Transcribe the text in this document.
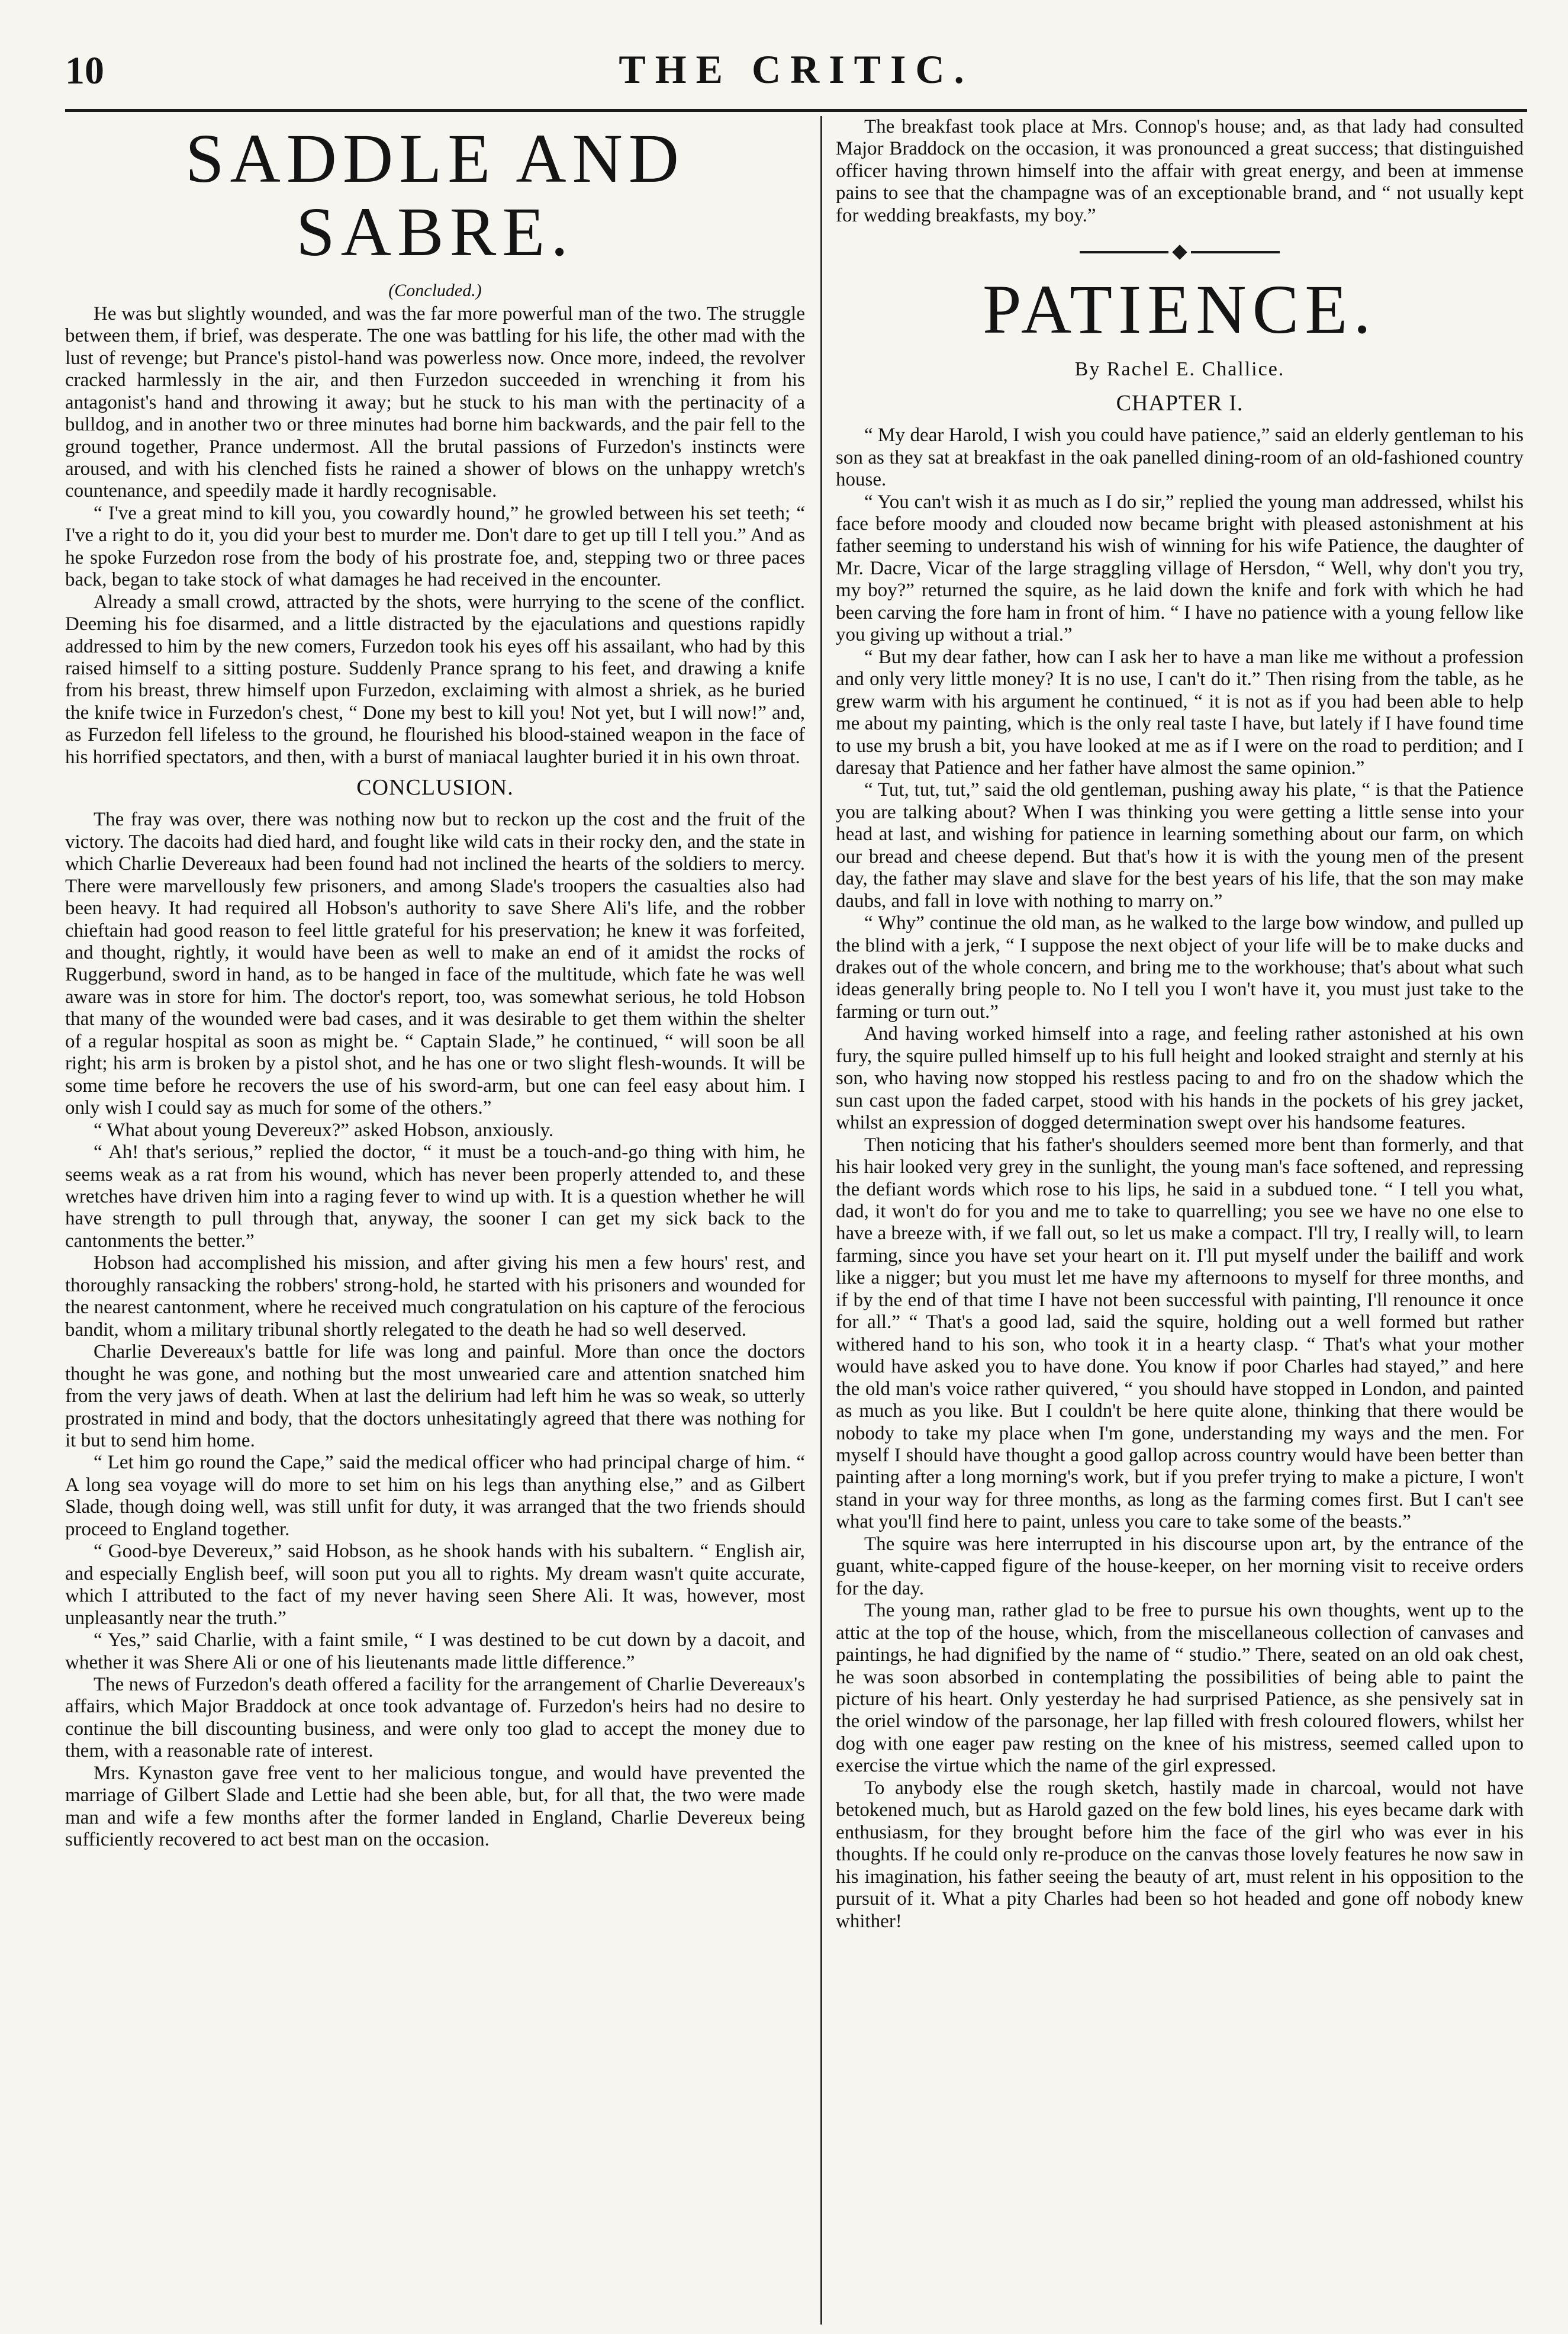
10	THE CRITIC.
SADDLE AND SABRE.
(Concluded.)

He was but slightly wounded, and was the far more powerful man of the two. The struggle between them, if brief, was desperate. The one was battling for his life, the other mad with the lust of revenge; but Prance's pistol-hand was powerless now. Once more, indeed, the revolver cracked harmlessly in the air, and then Furzedon succeeded in wrenching it from his antagonist's hand and throwing it away; but he stuck to his man with the pertinacity of a bulldog, and in another two or three minutes had borne him backwards, and the pair fell to the ground together, Prance undermost. All the brutal passions of Furzedon's instincts were aroused, and with his clenched fists he rained a shower of blows on the unhappy wretch's countenance, and speedily made it hardly recognisable.

“ I've a great mind to kill you, you cowardly hound,” he growled between his set teeth; “ I've a right to do it, you did your best to murder me. Don't dare to get up till I tell you.” And as he spoke Furzedon rose from the body of his prostrate foe, and, stepping two or three paces back, began to take stock of what damages he had received in the encounter.

Already a small crowd, attracted by the shots, were hurrying to the scene of the conflict. Deeming his foe disarmed, and a little distracted by the ejaculations and questions rapidly addressed to him by the new comers, Furzedon took his eyes off his assailant, who had by this raised himself to a sitting posture. Suddenly Prance sprang to his feet, and drawing a knife from his breast, threw himself upon Furzedon, exclaiming with almost a shriek, as he buried the knife twice in Furzedon's chest, “ Done my best to kill you! Not yet, but I will now!” and, as Furzedon fell lifeless to the ground, he flourished his blood-stained weapon in the face of his horrified spectators, and then, with a burst of maniacal laughter buried it in his own throat.

CONCLUSION.

The fray was over, there was nothing now but to reckon up the cost and the fruit of the victory. The dacoits had died hard, and fought like wild cats in their rocky den, and the state in which Charlie Devereaux had been found had not inclined the hearts of the soldiers to mercy. There were marvellously few prisoners, and among Slade's troopers the casualties also had been heavy. It had required all Hobson's authority to save Shere Ali's life, and the robber chieftain had good reason to feel little grateful for his preservation; he knew it was forfeited, and thought, rightly, it would have been as well to make an end of it amidst the rocks of Ruggerbund, sword in hand, as to be hanged in face of the multitude, which fate he was well aware was in store for him. The doctor's report, too, was somewhat serious, he told Hobson that many of the wounded were bad cases, and it was desirable to get them within the shelter of a regular hospital as soon as might be. “ Captain Slade,” he continued, “ will soon be all right; his arm is broken by a pistol shot, and he has one or two slight flesh-wounds. It will be some time before he recovers the use of his sword-arm, but one can feel easy about him. I only wish I could say as much for some of the others.”

“ What about young Devereux?” asked Hobson, anxiously.

“ Ah! that's serious,” replied the doctor, “ it must be a touch-and-go thing with him, he seems weak as a rat from his wound, which has never been properly attended to, and these wretches have driven him into a raging fever to wind up with. It is a question whether he will have strength to pull through that, anyway, the sooner I can get my sick back to the cantonments the better.”

Hobson had accomplished his mission, and after giving his men a few hours' rest, and thoroughly ransacking the robbers' strong-hold, he started with his prisoners and wounded for the nearest cantonment, where he received much congratulation on his capture of the ferocious bandit, whom a military tribunal shortly relegated to the death he had so well deserved.

Charlie Devereaux's battle for life was long and painful. More than once the doctors thought he was gone, and nothing but the most unwearied care and attention snatched him from the very jaws of death. When at last the delirium had left him he was so weak, so utterly prostrated in mind and body, that the doctors unhesitatingly agreed that there was nothing for it but to send him home.

“ Let him go round the Cape,” said the medical officer who had principal charge of him. “ A long sea voyage will do more to set him on his legs than anything else,” and as Gilbert Slade, though doing well, was still unfit for duty, it was arranged that the two friends should proceed to England together.

“ Good-bye Devereux,” said Hobson, as he shook hands with his subaltern. “ English air, and especially English beef, will soon put you all to rights. My dream wasn't quite accurate, which I attributed to the fact of my never having seen Shere Ali. It was, however, most unpleasantly near the truth.”

“ Yes,” said Charlie, with a faint smile, “ I was destined to be cut down by a dacoit, and whether it was Shere Ali or one of his lieutenants made little difference.”

The news of Furzedon's death offered a facility for the arrangement of Charlie Devereaux's affairs, which Major Braddock at once took advantage of. Furzedon's heirs had no desire to continue the bill discounting business, and were only too glad to accept the money due to them, with a reasonable rate of interest.

Mrs. Kynaston gave free vent to her malicious tongue, and would have prevented the marriage of Gilbert Slade and Lettie had she been able, but, for all that, the two were made man and wife a few months after the former landed in England, Charlie Devereux being sufficiently recovered to act best man on the occasion.

The breakfast took place at Mrs. Connop's house; and, as that lady had consulted Major Braddock on the occasion, it was pronounced a great success; that distinguished officer having thrown himself into the affair with great energy, and been at immense pains to see that the champagne was of an exceptionable brand, and “ not usually kept for wedding breakfasts, my boy.”

PATIENCE.
By Rachel E. Challice.
CHAPTER I.

“ My dear Harold, I wish you could have patience,” said an elderly gentleman to his son as they sat at breakfast in the oak panelled dining-room of an old-fashioned country house.

“ You can't wish it as much as I do sir,” replied the young man addressed, whilst his face before moody and clouded now became bright with pleased astonishment at his father seeming to understand his wish of winning for his wife Patience, the daughter of Mr. Dacre, Vicar of the large straggling village of Hersdon, “ Well, why don't you try, my boy?” returned the squire, as he laid down the knife and fork with which he had been carving the fore ham in front of him. “ I have no patience with a young fellow like you giving up without a trial.”

“ But my dear father, how can I ask her to have a man like me without a profession and only very little money? It is no use, I can't do it.” Then rising from the table, as he grew warm with his argument he continued, “ it is not as if you had been able to help me about my painting, which is the only real taste I have, but lately if I have found time to use my brush a bit, you have looked at me as if I were on the road to perdition; and I daresay that Patience and her father have almost the same opinion.”

“ Tut, tut, tut,” said the old gentleman, pushing away his plate, “ is that the Patience you are talking about? When I was thinking you were getting a little sense into your head at last, and wishing for patience in learning something about our farm, on which our bread and cheese depend. But that's how it is with the young men of the present day, the father may slave and slave for the best years of his life, that the son may make daubs, and fall in love with nothing to marry on.”

“ Why” continue the old man, as he walked to the large bow window, and pulled up the blind with a jerk, “ I suppose the next object of your life will be to make ducks and drakes out of the whole concern, and bring me to the workhouse; that's about what such ideas generally bring people to. No I tell you I won't have it, you must just take to the farming or turn out.”

And having worked himself into a rage, and feeling rather astonished at his own fury, the squire pulled himself up to his full height and looked straight and sternly at his son, who having now stopped his restless pacing to and fro on the shadow which the sun cast upon the faded carpet, stood with his hands in the pockets of his grey jacket, whilst an expression of dogged determination swept over his handsome features.

Then noticing that his father's shoulders seemed more bent than formerly, and that his hair looked very grey in the sunlight, the young man's face softened, and repressing the defiant words which rose to his lips, he said in a subdued tone. “ I tell you what, dad, it won't do for you and me to take to quarrelling; you see we have no one else to have a breeze with, if we fall out, so let us make a compact. I'll try, I really will, to learn farming, since you have set your heart on it. I'll put myself under the bailiff and work like a nigger; but you must let me have my afternoons to myself for three months, and if by the end of that time I have not been successful with painting, I'll renounce it once for all.” “ That's a good lad, said the squire, holding out a well formed but rather withered hand to his son, who took it in a hearty clasp. “ That's what your mother would have asked you to have done. You know if poor Charles had stayed,” and here the old man's voice rather quivered, “ you should have stopped in London, and painted as much as you like. But I couldn't be here quite alone, thinking that there would be nobody to take my place when I'm gone, understanding my ways and the men. For myself I should have thought a good gallop across country would have been better than painting after a long morning's work, but if you prefer trying to make a picture, I won't stand in your way for three months, as long as the farming comes first. But I can't see what you'll find here to paint, unless you care to take some of the beasts.”

The squire was here interrupted in his discourse upon art, by the entrance of the guant, white-capped figure of the house-keeper, on her morning visit to receive orders for the day.

The young man, rather glad to be free to pursue his own thoughts, went up to the attic at the top of the house, which, from the miscellaneous collection of canvases and paintings, he had dignified by the name of “ studio.” There, seated on an old oak chest, he was soon absorbed in contemplating the possibilities of being able to paint the picture of his heart. Only yesterday he had surprised Patience, as she pensively sat in the oriel window of the parsonage, her lap filled with fresh coloured flowers, whilst her dog with one eager paw resting on the knee of his mistress, seemed called upon to exercise the virtue which the name of the girl expressed.

To anybody else the rough sketch, hastily made in charcoal, would not have betokened much, but as Harold gazed on the few bold lines, his eyes became dark with enthusiasm, for they brought before him the face of the girl who was ever in his thoughts. If he could only re-produce on the canvas those lovely features he now saw in his imagination, his father seeing the beauty of art, must relent in his opposition to the pursuit of it. What a pity Charles had been so hot headed and gone off nobody knew whither!
